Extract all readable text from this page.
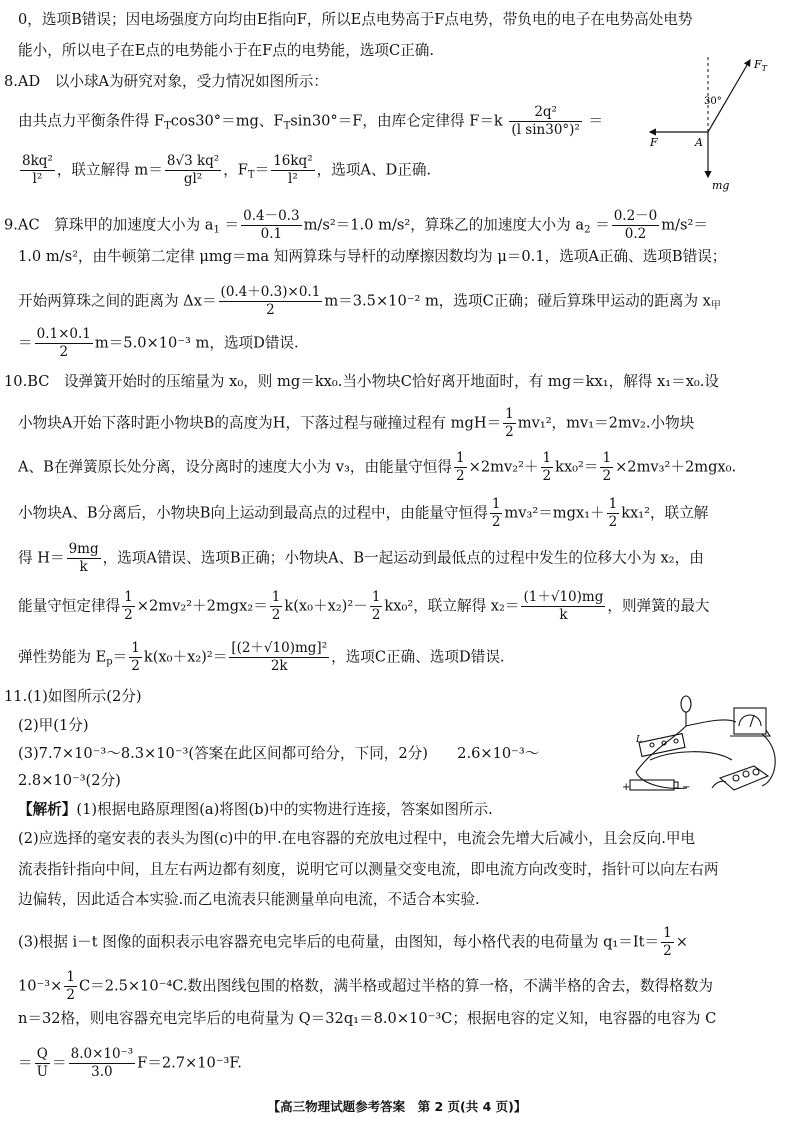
0，选项B错误；因电场强度方向均由E指向F，所以E点电势高于F点电势，带负电的电子在电势高处电势
能小，所以电子在E点的电势能小于在F点的电势能，选项C正确.
8.AD　以小球A为研究对象，受力情况如图所示：
由共点力平衡条件得 $F_T\cos 30^\circ=mg$、$F_T\sin 30^\circ=F$，由库仑定律得 $F=k \frac{\text{2q²}}{\text{(l sin30°)²}}$ ＝
$\frac{\text{8kq²}}{\text{l²}}$ ，联立解得 $m= \frac{\text{8√3 kq²}}{\text{gl²}}$ ，$F_T= \frac{\text{16kq²}}{\text{l²}}$ ，选项A、D正确.
$F_T$
30°
F	A
mg
9.AC　算珠甲的加速度大小为 $a_1 = \frac{0.4-0.3}{0.1} m/s^2=1.0$ m/s²，算珠乙的加速度大小为 $a_2 = \frac{0.2-0}{0.2} m/s^2=$
1.0 m/s²，由牛顿第二定律 μmg＝ma 知两算珠与导杆的动摩擦因数均为 μ＝0.1，选项A正确、选项B错误；
开始两算珠之间的距离为 $\Delta x= \frac{(0.4+0.3)\times 0.1}{2} m=3.5\times 10^{-2}$ m，选项C正确；碰后算珠甲运动的距离为 $x_甲$
＝ $\frac{0.1\times 0.1}{2} m=5.0\times 10^{-3}$ m，选项D错误.
10.BC　设弹簧开始时的压缩量为 x₀，则 mg＝kx₀.当小物块C恰好离开地面时，有 mg＝kx₁，解得 x₁＝x₀.设
小物块A开始下落时距小物块B的高度为H，下落过程与碰撞过程有 $mgH= \frac{1}{2} mv_1^2$，mv₁＝2mv₂.小物块
A、B在弹簧原长处分离，设分离时的速度大小为 v₃，由能量守恒得 $\frac{1}{2} \times 2mv_2^2+ \frac{1}{2} kx_0^2= \frac{1}{2} \times 2mv_3^2+2mgx_0$.
小物块A、B分离后，小物块B向上运动到最高点的过程中，由能量守恒得 $\frac{1}{2} mv_3^2=mgx_1+ \frac{1}{2} kx_1^2$，联立解
得 $H= \frac{9mg}{k}$ ，选项A错误、选项B正确；小物块A、B一起运动到最低点的过程中发生的位移大小为 x₂，由
能量守恒定律得 $\frac{1}{2} \times 2mv_2^2+2mgx_2= \frac{1}{2} k(x_0+x_2)^2- \frac{1}{2} kx_0^2$，联立解得 $x_2= \frac{(1+√10)mg}{k}$ ，则弹簧的最大
弹性势能为 $E_p= \frac{1}{2} k(x_0+x_2)^2= \frac{\text{[(2＋√10)mg]²}}{2k}$ ，选项C正确、选项D错误.
11.(1)如图所示(2分)
(2)甲(1分)
(3)7.7×10⁻³～8.3×10⁻³(答案在此区间都可给分，下同，2分)　　2.6×10⁻³～
2.8×10⁻³(2分)
【解析】(1)根据电路原理图(a)将图(b)中的实物进行连接，答案如图所示.
(2)应选择的毫安表的表头为图(c)中的甲.在电容器的充放电过程中，电流会先增大后减小，且会反向.甲电
流表指针指向中间，且左右两边都有刻度，说明它可以测量交变电流，即电流方向改变时，指针可以向左右两
边偏转，因此适合本实验.而乙电流表只能测量单向电流，不适合本实验.
(3)根据 i－t 图像的面积表示电容器充电完毕后的电荷量，由图知，每小格代表的电荷量为 $q_1=It= \frac{1}{2}$ ×
$10^{-3}\times \frac{1}{2} C=2.5\times 10^{-4}C$.数出图线包围的格数，满半格或超过半格的算一格，不满半格的舍去，数得格数为
n＝32格，则电容器充电完毕后的电荷量为 Q＝32q₁＝8.0×10⁻³C；根据电容的定义知，电容器的电容为 C
＝ $\frac{Q}{U} = \frac{\text{8.0×10⁻³}}{3.0} F=2.7\times 10^{-3}F$.
+	−
L
【高三物理试题参考答案　第 2 页(共 4 页)】
